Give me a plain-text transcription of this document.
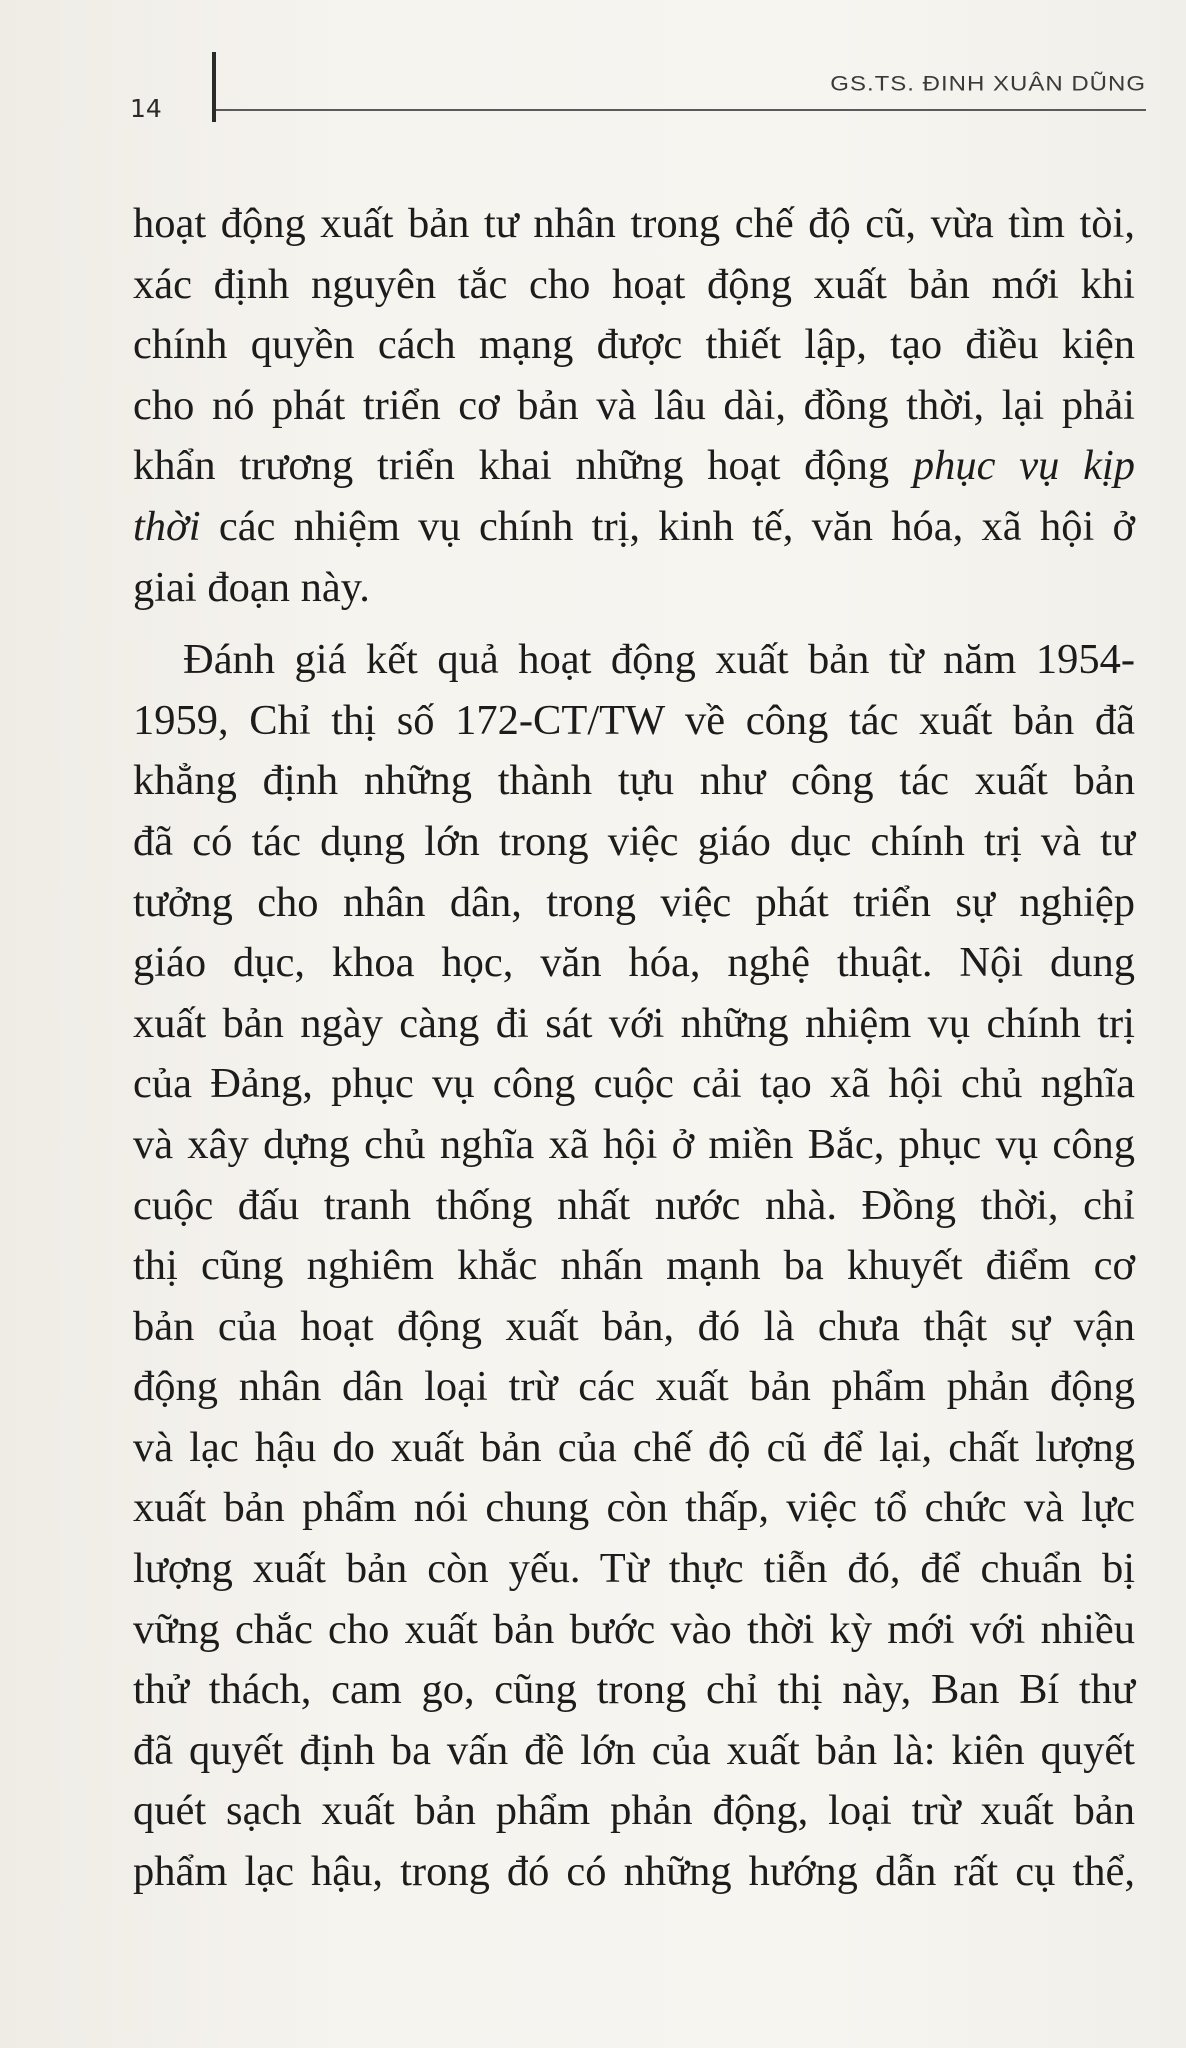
14
GS.TS. ĐINH XUÂN DŨNG
hoạt động xuất bản tư nhân trong chế độ cũ, vừa tìm tòi,
xác định nguyên tắc cho hoạt động xuất bản mới khi
chính quyền cách mạng được thiết lập, tạo điều kiện
cho nó phát triển cơ bản và lâu dài, đồng thời, lại phải
khẩn trương triển khai những hoạt động phục vụ kịp
thời các nhiệm vụ chính trị, kinh tế, văn hóa, xã hội ở
giai đoạn này.
Đánh giá kết quả hoạt động xuất bản từ năm 1954-
1959, Chỉ thị số 172-CT/TW về công tác xuất bản đã
khẳng định những thành tựu như công tác xuất bản
đã có tác dụng lớn trong việc giáo dục chính trị và tư
tưởng cho nhân dân, trong việc phát triển sự nghiệp
giáo dục, khoa học, văn hóa, nghệ thuật. Nội dung
xuất bản ngày càng đi sát với những nhiệm vụ chính trị
của Đảng, phục vụ công cuộc cải tạo xã hội chủ nghĩa
và xây dựng chủ nghĩa xã hội ở miền Bắc, phục vụ công
cuộc đấu tranh thống nhất nước nhà. Đồng thời, chỉ
thị cũng nghiêm khắc nhấn mạnh ba khuyết điểm cơ
bản của hoạt động xuất bản, đó là chưa thật sự vận
động nhân dân loại trừ các xuất bản phẩm phản động
và lạc hậu do xuất bản của chế độ cũ để lại, chất lượng
xuất bản phẩm nói chung còn thấp, việc tổ chức và lực
lượng xuất bản còn yếu. Từ thực tiễn đó, để chuẩn bị
vững chắc cho xuất bản bước vào thời kỳ mới với nhiều
thử thách, cam go, cũng trong chỉ thị này, Ban Bí thư
đã quyết định ba vấn đề lớn của xuất bản là: kiên quyết
quét sạch xuất bản phẩm phản động, loại trừ xuất bản
phẩm lạc hậu, trong đó có những hướng dẫn rất cụ thể,
